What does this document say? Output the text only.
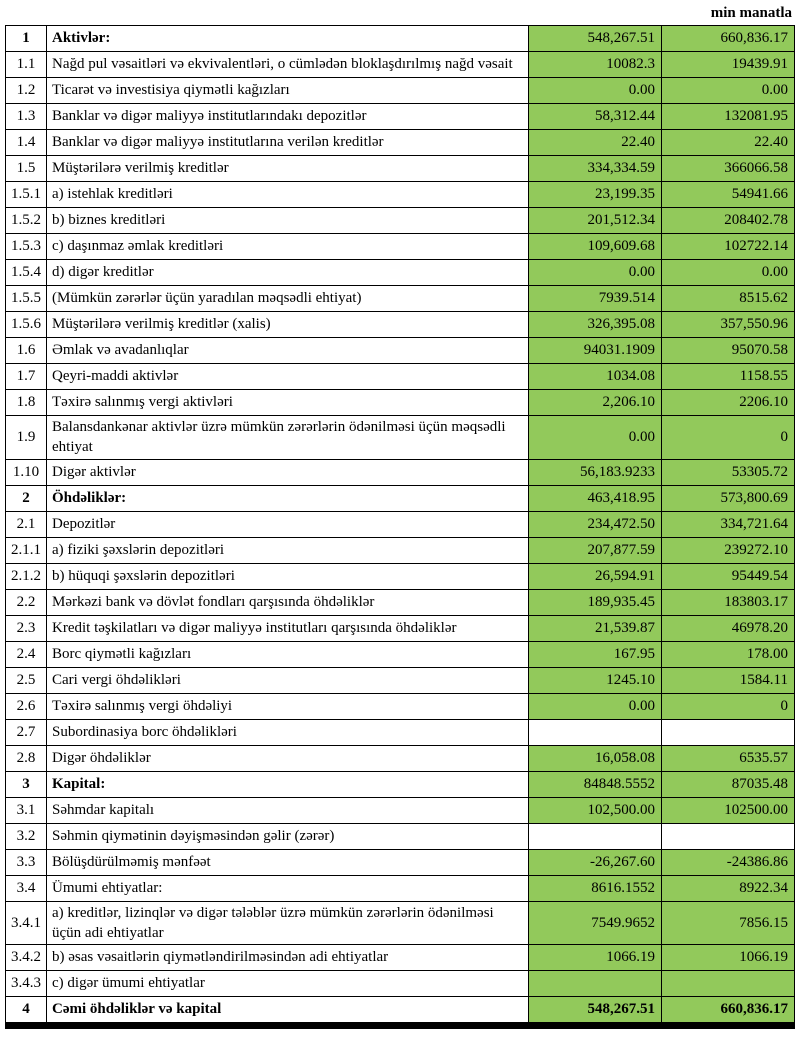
min manatla
1	Aktivlər:	548,267.51	660,836.17
1.1	Nağd pul vəsaitləri və ekvivalentləri, o cümlədən bloklaşdırılmış nağd vəsait	10082.3	19439.91
1.2	Ticarət və investisiya qiymətli kağızları	0.00	0.00
1.3	Banklar və digər maliyyə institutlarındakı depozitlər	58,312.44	132081.95
1.4	Banklar və digər maliyyə institutlarına verilən kreditlər	22.40	22.40
1.5	Müştərilərə verilmiş kreditlər	334,334.59	366066.58
1.5.1	a) istehlak kreditləri	23,199.35	54941.66
1.5.2	b) biznes kreditləri	201,512.34	208402.78
1.5.3	c) daşınmaz əmlak kreditləri	109,609.68	102722.14
1.5.4	d) digər kreditlər	0.00	0.00
1.5.5	(Mümkün zərərlər üçün yaradılan məqsədli ehtiyat)	7939.514	8515.62
1.5.6	Müştərilərə verilmiş kreditlər (xalis)	326,395.08	357,550.96
1.6	Əmlak və avadanlıqlar	94031.1909	95070.58
1.7	Qeyri-maddi aktivlər	1034.08	1158.55
1.8	Təxirə salınmış vergi aktivləri	2,206.10	2206.10
1.9	Balansdankənar aktivlər üzrə mümkün zərərlərin ödənilməsi üçün məqsədli ehtiyat	0.00	0
1.10	Digər aktivlər	56,183.9233	53305.72
2	Öhdəliklər:	463,418.95	573,800.69
2.1	Depozitlər	234,472.50	334,721.64
2.1.1	a) fiziki şəxslərin depozitləri	207,877.59	239272.10
2.1.2	b) hüquqi şəxslərin depozitləri	26,594.91	95449.54
2.2	Mərkəzi bank və dövlət fondları qarşısında öhdəliklər	189,935.45	183803.17
2.3	Kredit təşkilatları və digər maliyyə institutları qarşısında öhdəliklər	21,539.87	46978.20
2.4	Borc qiymətli kağızları	167.95	178.00
2.5	Cari vergi öhdəlikləri	1245.10	1584.11
2.6	Təxirə salınmış vergi öhdəliyi	0.00	0
2.7	Subordinasiya borc öhdəlikləri		
2.8	Digər öhdəliklər	16,058.08	6535.57
3	Kapital:	84848.5552	87035.48
3.1	Səhmdar kapitalı	102,500.00	102500.00
3.2	Səhmin qiymətinin dəyişməsindən gəlir (zərər)		
3.3	Bölüşdürülməmiş mənfəət	-26,267.60	-24386.86
3.4	Ümumi ehtiyatlar:	8616.1552	8922.34
3.4.1	a) kreditlər, lizinqlər və digər tələblər üzrə mümkün zərərlərin ödənilməsi üçün adi ehtiyatlar	7549.9652	7856.15
3.4.2	b) əsas vəsaitlərin qiymətləndirilməsindən adi ehtiyatlar	1066.19	1066.19
3.4.3	c) digər ümumi ehtiyatlar		
4	Cəmi öhdəliklər və kapital	548,267.51	660,836.17
